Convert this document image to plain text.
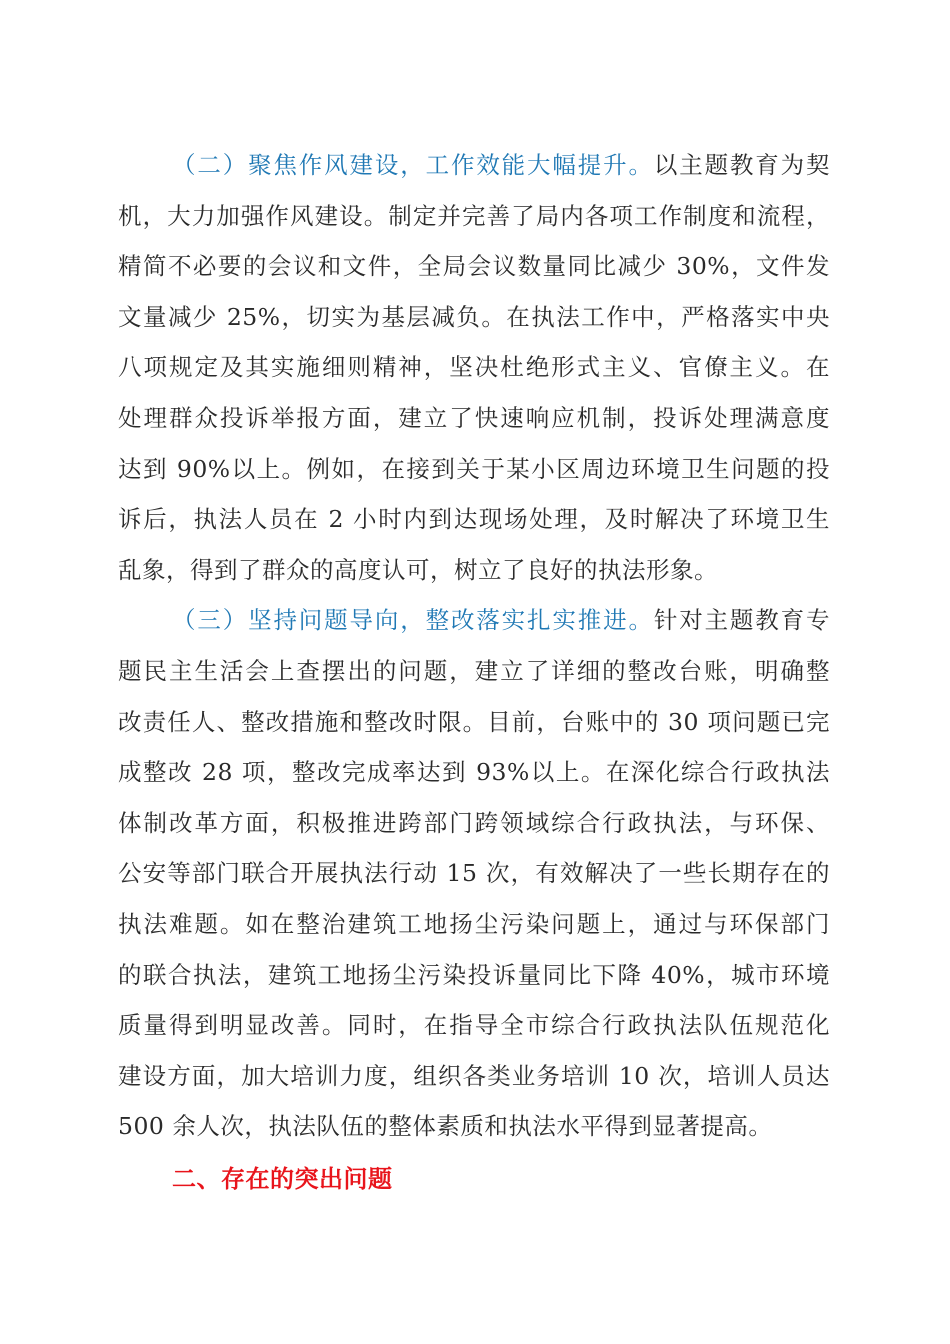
（二）聚焦作风建设，工作效能大幅提升。以主题教育为契
机，大力加强作风建设。制定并完善了局内各项工作制度和流程，
精简不必要的会议和文件，全局会议数量同比减少 30%，文件发
文量减少 25%，切实为基层减负。在执法工作中，严格落实中央
八项规定及其实施细则精神，坚决杜绝形式主义、官僚主义。在
处理群众投诉举报方面，建立了快速响应机制，投诉处理满意度
达到 90%以上。例如，在接到关于某小区周边环境卫生问题的投
诉后，执法人员在 2 小时内到达现场处理，及时解决了环境卫生
乱象，得到了群众的高度认可，树立了良好的执法形象。
（三）坚持问题导向，整改落实扎实推进。针对主题教育专
题民主生活会上查摆出的问题，建立了详细的整改台账，明确整
改责任人、整改措施和整改时限。目前，台账中的 30 项问题已完
成整改 28 项，整改完成率达到 93%以上。在深化综合行政执法
体制改革方面，积极推进跨部门跨领域综合行政执法，与环保、
公安等部门联合开展执法行动 15 次，有效解决了一些长期存在的
执法难题。如在整治建筑工地扬尘污染问题上，通过与环保部门
的联合执法，建筑工地扬尘污染投诉量同比下降 40%，城市环境
质量得到明显改善。同时，在指导全市综合行政执法队伍规范化
建设方面，加大培训力度，组织各类业务培训 10 次，培训人员达
500 余人次，执法队伍的整体素质和执法水平得到显著提高。
二、存在的突出问题
